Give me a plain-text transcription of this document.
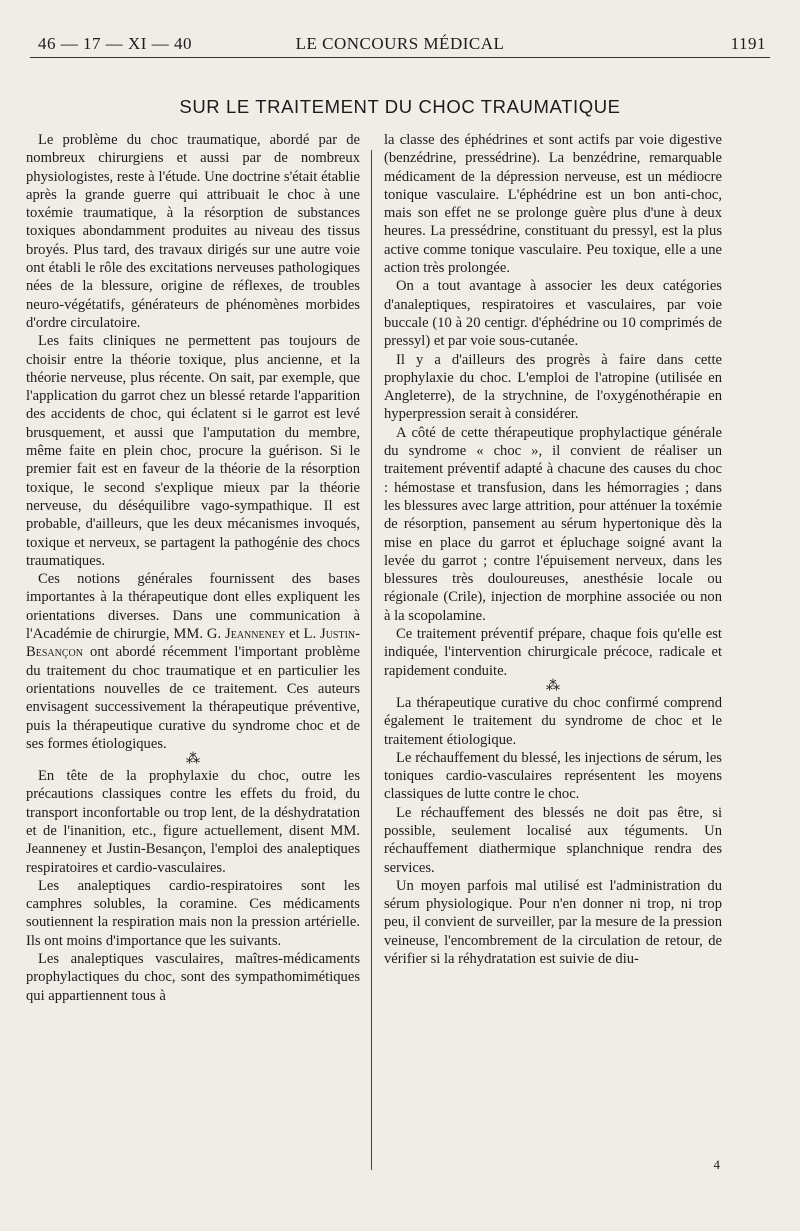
46 — 17 — XI — 40	LE CONCOURS MÉDICAL	1191
SUR LE TRAITEMENT DU CHOC TRAUMATIQUE

Le problème du choc traumatique, abordé par de nombreux chirurgiens et aussi par de nombreux physiologistes, reste à l'étude. Une doctrine s'était établie après la grande guerre qui attribuait le choc à une toxémie traumatique, à la résorption de substances toxiques abondamment produites au niveau des tissus broyés. Plus tard, des travaux dirigés sur une autre voie ont établi le rôle des excitations nerveuses pathologiques nées de la blessure, origine de réflexes, de troubles neuro-végétatifs, générateurs de phénomènes morbides d'ordre circulatoire.

Les faits cliniques ne permettent pas toujours de choisir entre la théorie toxique, plus ancienne, et la théorie nerveuse, plus récente. On sait, par exemple, que l'application du garrot chez un blessé retarde l'apparition des accidents de choc, qui éclatent si le garrot est levé brusquement, et aussi que l'amputation du membre, même faite en plein choc, procure la guérison. Si le premier fait est en faveur de la théorie de la résorption toxique, le second s'explique mieux par la théorie nerveuse, du déséquilibre vago-sympathique. Il est probable, d'ailleurs, que les deux mécanismes invoqués, toxique et nerveux, se partagent la pathogénie des chocs traumatiques.

Ces notions générales fournissent des bases importantes à la thérapeutique dont elles expliquent les orientations diverses. Dans une communication à l'Académie de chirurgie, MM. G. Jeanneney et L. Justin-Besançon ont abordé récemment l'important problème du traitement du choc traumatique et en particulier les orientations nouvelles de ce traitement. Ces auteurs envisagent successivement la thérapeutique préventive, puis la thérapeutique curative du syndrome choc et de ses formes étiologiques.

⁂

En tête de la prophylaxie du choc, outre les précautions classiques contre les effets du froid, du transport inconfortable ou trop lent, de la déshydratation et de l'inanition, etc., figure actuellement, disent MM. Jeanneney et Justin-Besançon, l'emploi des analeptiques respiratoires et cardio-vasculaires.

Les analeptiques cardio-respiratoires sont les camphres solubles, la coramine. Ces médicaments soutiennent la respiration mais non la pression artérielle. Ils ont moins d'importance que les suivants.

Les analeptiques vasculaires, maîtres-médicaments prophylactiques du choc, sont des sympathomimétiques qui appartiennent tous à

la classe des éphédrines et sont actifs par voie digestive (benzédrine, pressédrine). La benzédrine, remarquable médicament de la dépression nerveuse, est un médiocre tonique vasculaire. L'éphédrine est un bon anti-choc, mais son effet ne se prolonge guère plus d'une à deux heures. La pressédrine, constituant du pressyl, est la plus active comme tonique vasculaire. Peu toxique, elle a une action très prolongée.

On a tout avantage à associer les deux catégories d'analeptiques, respiratoires et vasculaires, par voie buccale (10 à 20 centigr. d'éphédrine ou 10 comprimés de pressyl) et par voie sous-cutanée.

Il y a d'ailleurs des progrès à faire dans cette prophylaxie du choc. L'emploi de l'atropine (utilisée en Angleterre), de la strychnine, de l'oxygénothérapie en hyperpression serait à considérer.

A côté de cette thérapeutique prophylactique générale du syndrome « choc », il convient de réaliser un traitement préventif adapté à chacune des causes du choc : hémostase et transfusion, dans les hémorragies ; dans les blessures avec large attrition, pour atténuer la toxémie de résorption, pansement au sérum hypertonique dès la mise en place du garrot et épluchage soigné avant la levée du garrot ; contre l'épuisement nerveux, dans les blessures très douloureuses, anesthésie locale ou régionale (Crile), injection de morphine associée ou non à la scopolamine.

Ce traitement préventif prépare, chaque fois qu'elle est indiquée, l'intervention chirurgicale précoce, radicale et rapidement conduite.

⁂

La thérapeutique curative du choc confirmé comprend également le traitement du syndrome de choc et le traitement étiologique.

Le réchauffement du blessé, les injections de sérum, les toniques cardio-vasculaires représentent les moyens classiques de lutte contre le choc.

Le réchauffement des blessés ne doit pas être, si possible, seulement localisé aux téguments. Un réchauffement diathermique splanchnique rendra des services.

Un moyen parfois mal utilisé est l'administration du sérum physiologique. Pour n'en donner ni trop, ni trop peu, il convient de surveiller, par la mesure de la pression veineuse, l'encombrement de la circulation de retour, de vérifier si la réhydratation est suivie de diu-

4
